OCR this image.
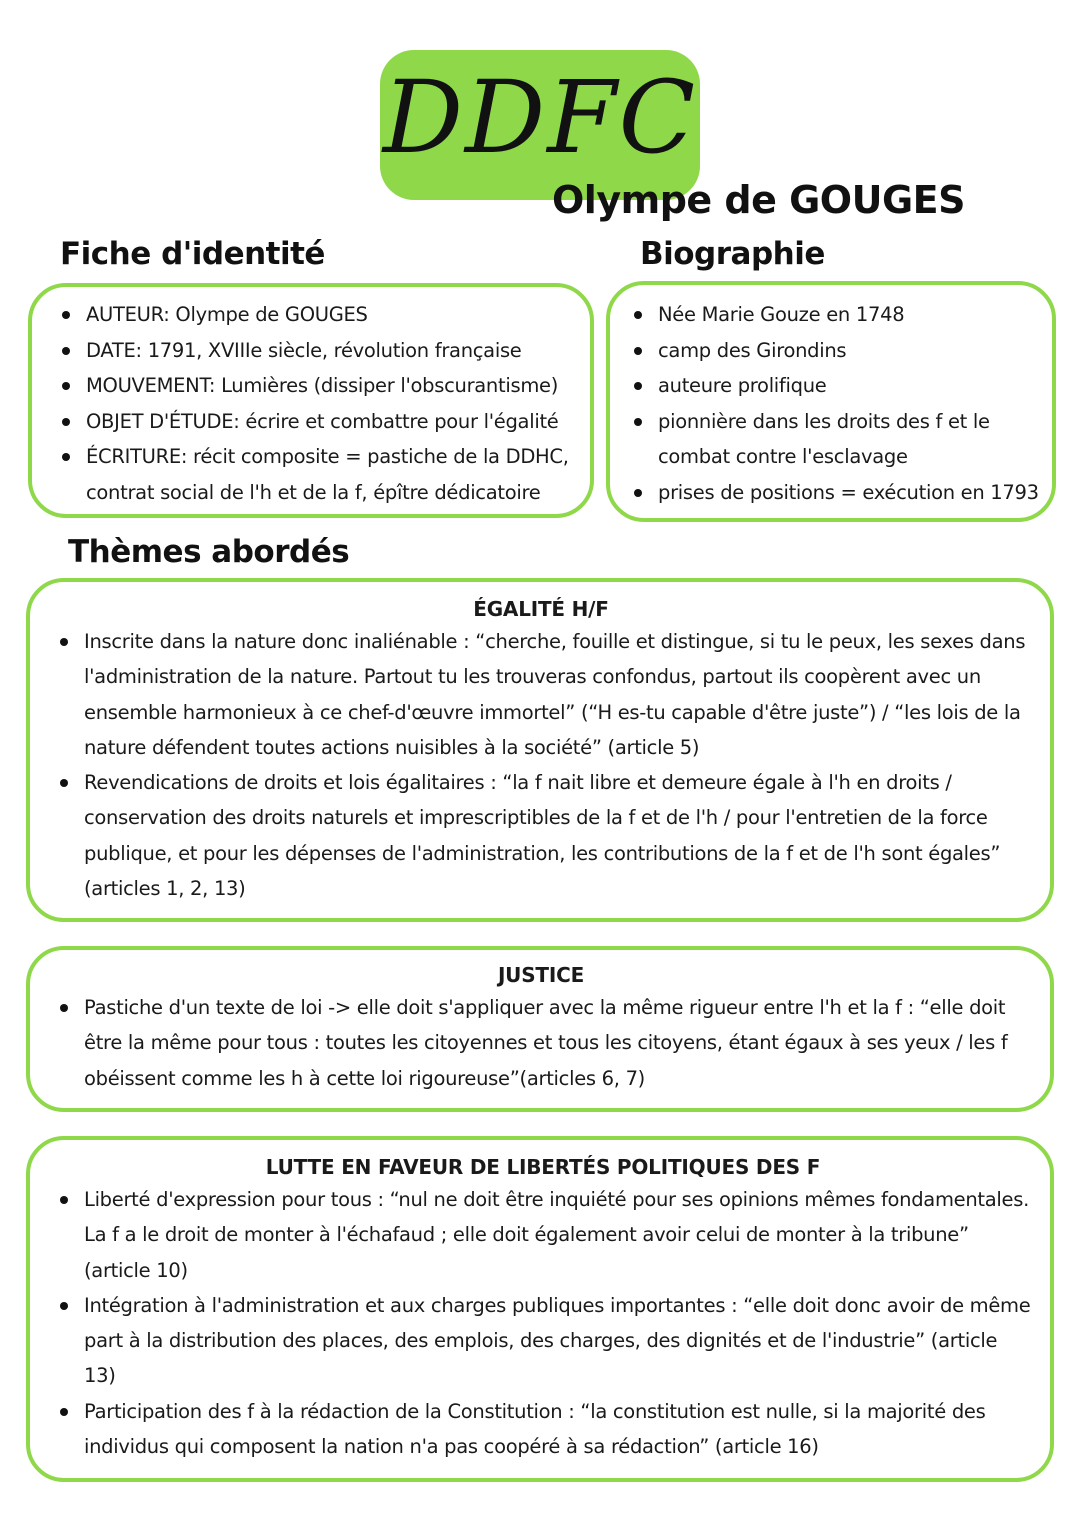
DDFC
Olympe de GOUGES
Fiche d'identité
AUTEUR: Olympe de GOUGES
DATE: 1791, XVIIIe siècle, révolution française
MOUVEMENT: Lumières (dissiper l'obscurantisme)
OBJET D'ÉTUDE: écrire et combattre pour l'égalité
ÉCRITURE: récit composite = pastiche de la DDHC, contrat social de l'h et de la f, épître dédicatoire
Biographie
Née Marie Gouze en 1748
camp des Girondins
auteure prolifique
pionnière dans les droits des f et le combat contre l'esclavage
prises de positions = exécution en 1793
Thèmes abordés
ÉGALITÉ H/F
Inscrite dans la nature donc inaliénable : “cherche, fouille et distingue, si tu le peux, les sexes dans l'administration de la nature. Partout tu les trouveras confondus, partout ils coopèrent avec un ensemble harmonieux à ce chef-d'œuvre immortel” (“H es-tu capable d'être juste”) / “les lois de la nature défendent toutes actions nuisibles à la société” (article 5)
Revendications de droits et lois égalitaires : “la f nait libre et demeure égale à l'h en droits / conservation des droits naturels et imprescriptibles de la f et de l'h / pour l'entretien de la force publique, et pour les dépenses de l'administration, les contributions de la f et de l'h sont égales” (articles 1, 2, 13)
JUSTICE
Pastiche d'un texte de loi -> elle doit s'appliquer avec la même rigueur entre l'h et la f : “elle doit être la même pour tous : toutes les citoyennes et tous les citoyens, étant égaux à ses yeux / les f obéissent comme les h à cette loi rigoureuse”(articles 6, 7)
LUTTE EN FAVEUR DE LIBERTÉS POLITIQUES DES F
Liberté d'expression pour tous : “nul ne doit être inquiété pour ses opinions mêmes fondamentales. La f a le droit de monter à l'échafaud ; elle doit également avoir celui de monter à la tribune” (article 10)
Intégration à l'administration et aux charges publiques importantes : “elle doit donc avoir de même part à la distribution des places, des emplois, des charges, des dignités et de l'industrie” (article 13)
Participation des f à la rédaction de la Constitution : “la constitution est nulle, si la majorité des individus qui composent la nation n'a pas coopéré à sa rédaction” (article 16)
